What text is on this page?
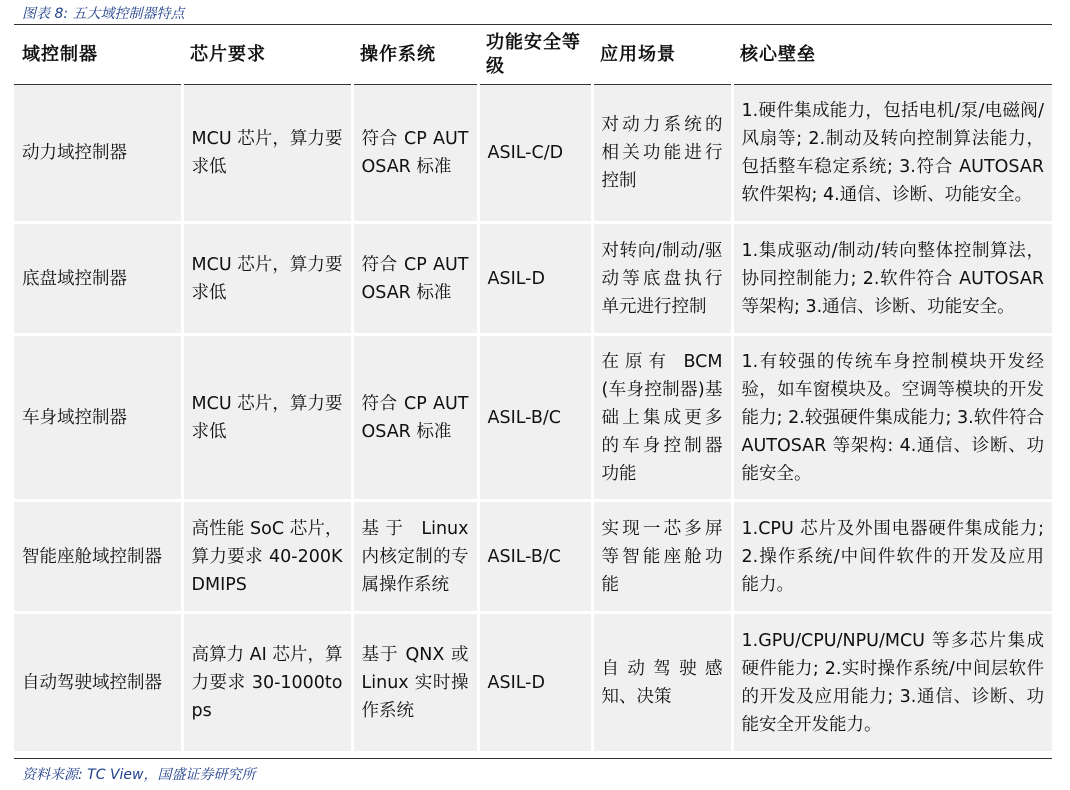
图表 8: 五大域控制器特点
域控制器	芯片要求	操作系统	功能安全等级	应用场景	核心壁垒
动力域控制器	MCU 芯片，算力要求低	符合 CP AUTOSAR 标准	ASIL-C/D	对动力系统的相关功能进行控制	1.硬件集成能力，包括电机/泵/电磁阀/风扇等; 2.制动及转向控制算法能力，包括整车稳定系统; 3.符合 AUTOSAR 软件架构; 4.通信、诊断、功能安全。
底盘域控制器	MCU 芯片，算力要求低	符合 CP AUTOSAR 标准	ASIL-D	对转向/制动/驱动等底盘执行单元进行控制	1.集成驱动/制动/转向整体控制算法，协同控制能力; 2.软件符合 AUTOSAR 等架构; 3.通信、诊断、功能安全。
车身域控制器	MCU 芯片，算力要求低	符合 CP AUTOSAR 标准	ASIL-B/C	在原有 BCM(车身控制器)基础上集成更多的车身控制器功能	1.有较强的传统车身控制模块开发经验，如车窗模块及。空调等模块的开发能力; 2.较强硬件集成能力; 3.软件符合 AUTOSAR 等架构: 4.通信、诊断、功能安全。
智能座舱域控制器	高性能 SoC 芯片，算力要求 40-200KDMIPS	基于 Linux 内核定制的专属操作系统	ASIL-B/C	实现一芯多屏等智能座舱功能	1.CPU 芯片及外围电器硬件集成能力; 2.操作系统/中间件软件的开发及应用能力。
自动驾驶域控制器	高算力 AI 芯片，算力要求 30-1000tops	基于 QNX 或 Linux 实时操作系统	ASIL-D	自动驾驶感知、决策	1.GPU/CPU/NPU/MCU 等多芯片集成硬件能力; 2.实时操作系统/中间层软件的开发及应用能力; 3.通信、诊断、功能安全开发能力。
资料来源: TC View，国盛证券研究所
